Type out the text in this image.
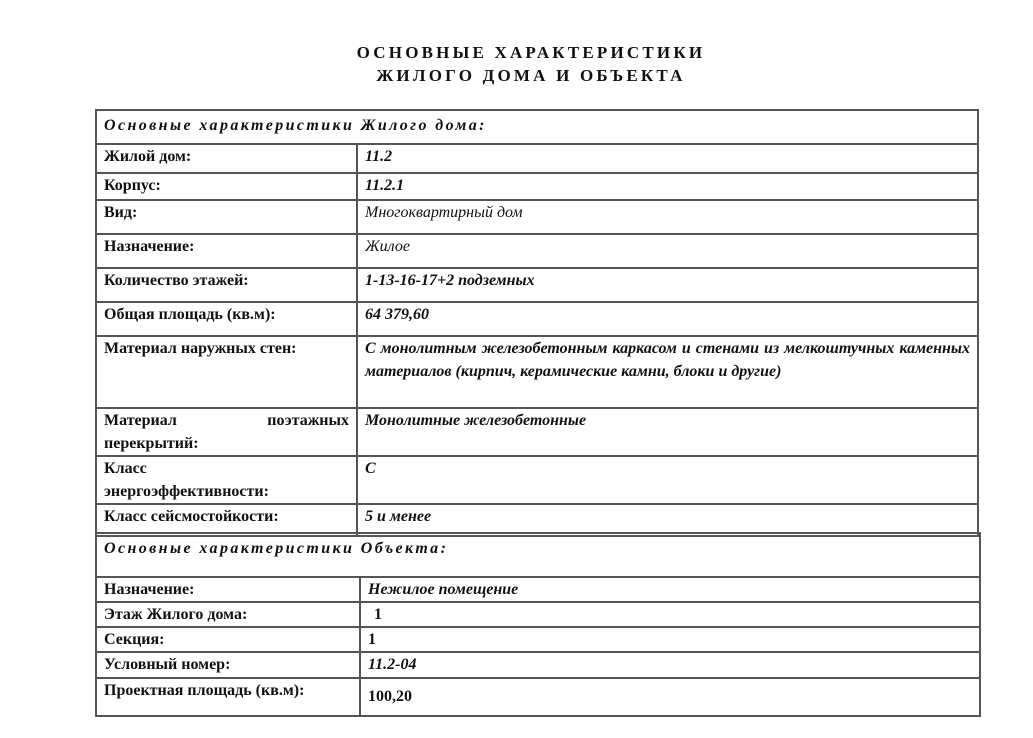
ОСНОВНЫЕ ХАРАКТЕРИСТИКИ
ЖИЛОГО ДОМА И ОБЪЕКТА
Основные характеристики Жилого дома:	
Жилой дом:	11.2
Корпус:	11.2.1
Вид:	Многоквартирный дом
Назначение:	Жилое
Количество этажей:	1-13-16-17+2 подземных
Общая площадь (кв.м):	64 379,60
Материал наружных стен:	С монолитным железобетонным каркасом и стенами из мелкоштучных каменных материалов (кирпич, керамические камни, блоки и другие)
Материал поэтажных перекрытий:	Монолитные железобетонные
Класс энергоэффективности:	С
Класс сейсмостойкости:	5 и менее
Основные характеристики Объекта:	
Назначение:	Нежилое помещение
Этаж Жилого дома:	1
Секция:	1
Условный номер:	11.2-04
Проектная площадь (кв.м):	100,20
